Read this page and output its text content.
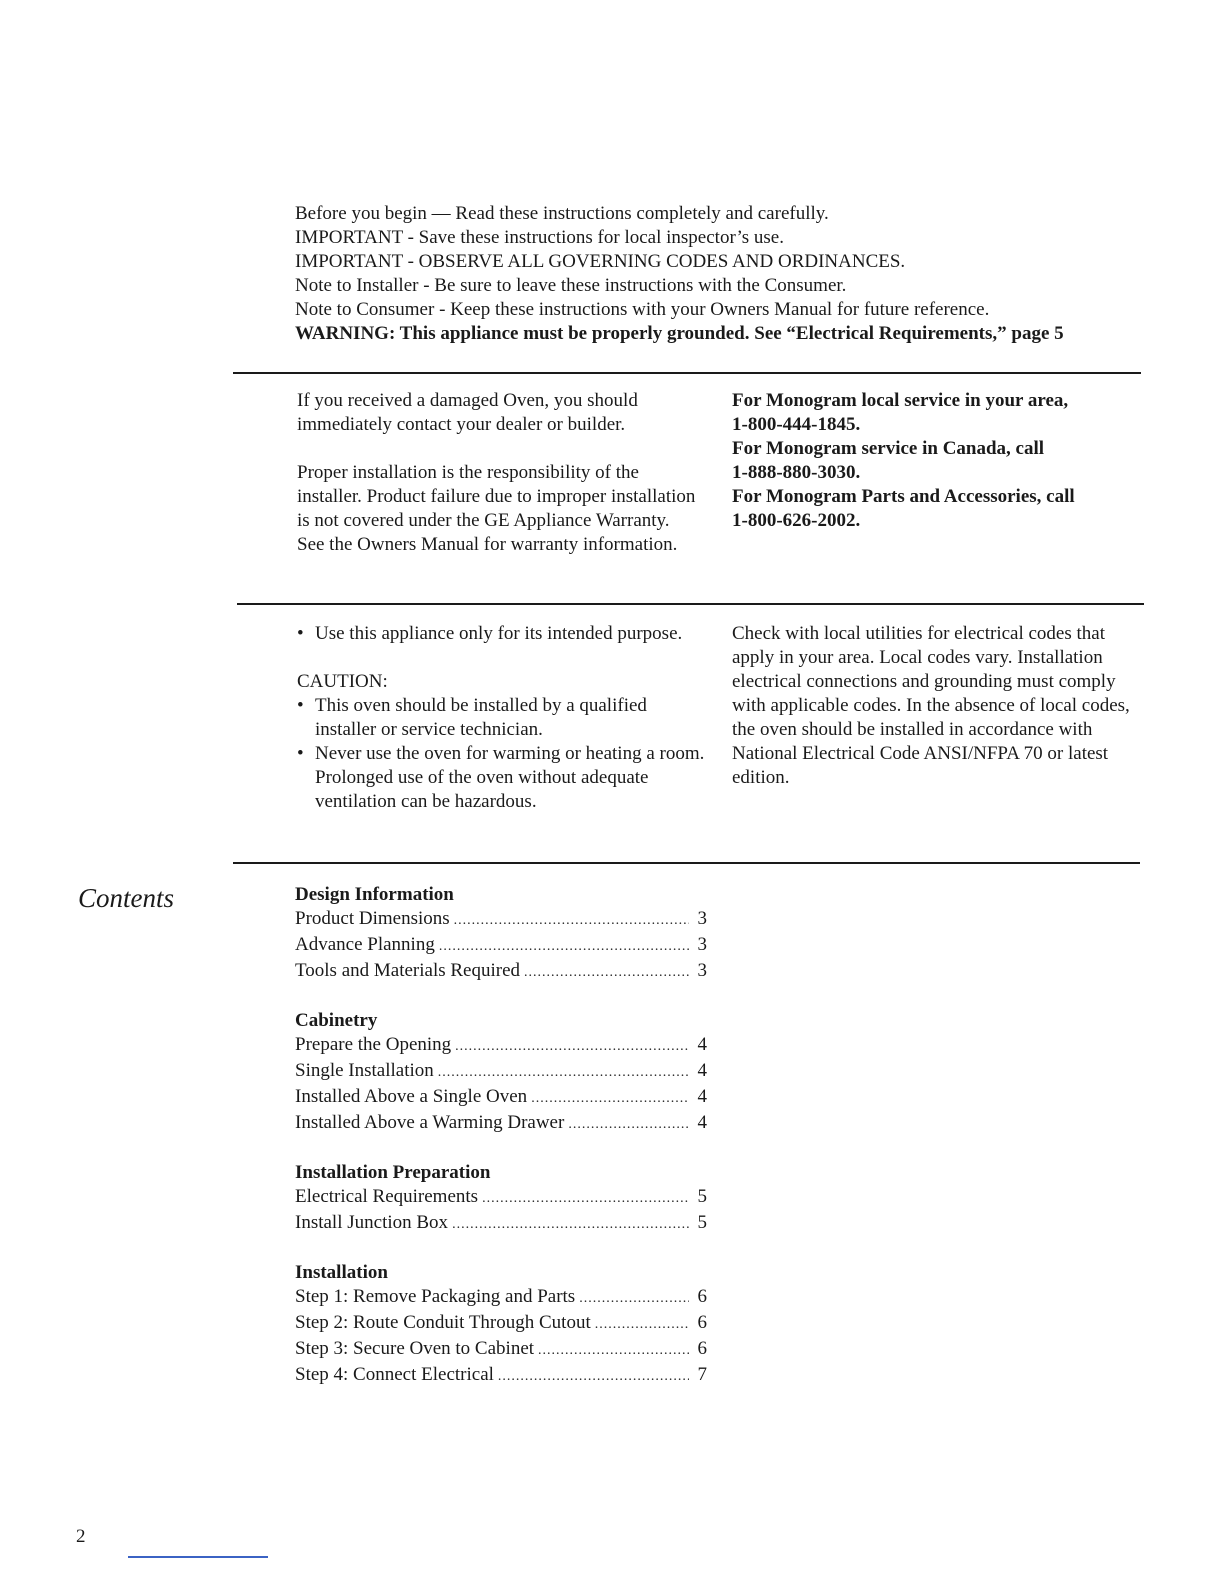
Before you begin — Read these instructions completely and carefully.
IMPORTANT - Save these instructions for local inspector’s use.
IMPORTANT - OBSERVE ALL GOVERNING CODES AND ORDINANCES.
Note to Installer - Be sure to leave these instructions with the Consumer.
Note to Consumer - Keep these instructions with your Owners Manual for future reference.
WARNING: This appliance must be properly grounded. See “Electrical Requirements,” page 5
If you received a damaged Oven, you should immediately contact your dealer or builder.
Proper installation is the responsibility of the installer. Product failure due to improper installation is not covered under the GE Appliance Warranty. See the Owners Manual for warranty information.
For Monogram local service in your area,
1-800-444-1845.
For Monogram service in Canada, call
1-888-880-3030.
For Monogram Parts and Accessories, call
1-800-626-2002.
• Use this appliance only for its intended purpose.
CAUTION:
• This oven should be installed by a qualified installer or service technician.
• Never use the oven for warming or heating a room. Prolonged use of the oven without adequate ventilation can be hazardous.
Check with local utilities for electrical codes that apply in your area. Local codes vary. Installation electrical connections and grounding must comply with applicable codes. In the absence of local codes, the oven should be installed in accordance with National Electrical Code ANSI/NFPA 70 or latest edition.
Contents	Design Information
Product Dimensions .....	3
Advance Planning .....	3
Tools and Materials Required .....	3
Cabinetry
Prepare the Opening .....	4
Single Installation .....	4
Installed Above a Single Oven .....	4
Installed Above a Warming Drawer .....	4
Installation Preparation
Electrical Requirements .....	5
Install Junction Box .....	5
Installation
Step 1: Remove Packaging and Parts .....	6
Step 2: Route Conduit Through Cutout .....	6
Step 3: Secure Oven to Cabinet .....	6
Step 4: Connect Electrical .....	7
2
